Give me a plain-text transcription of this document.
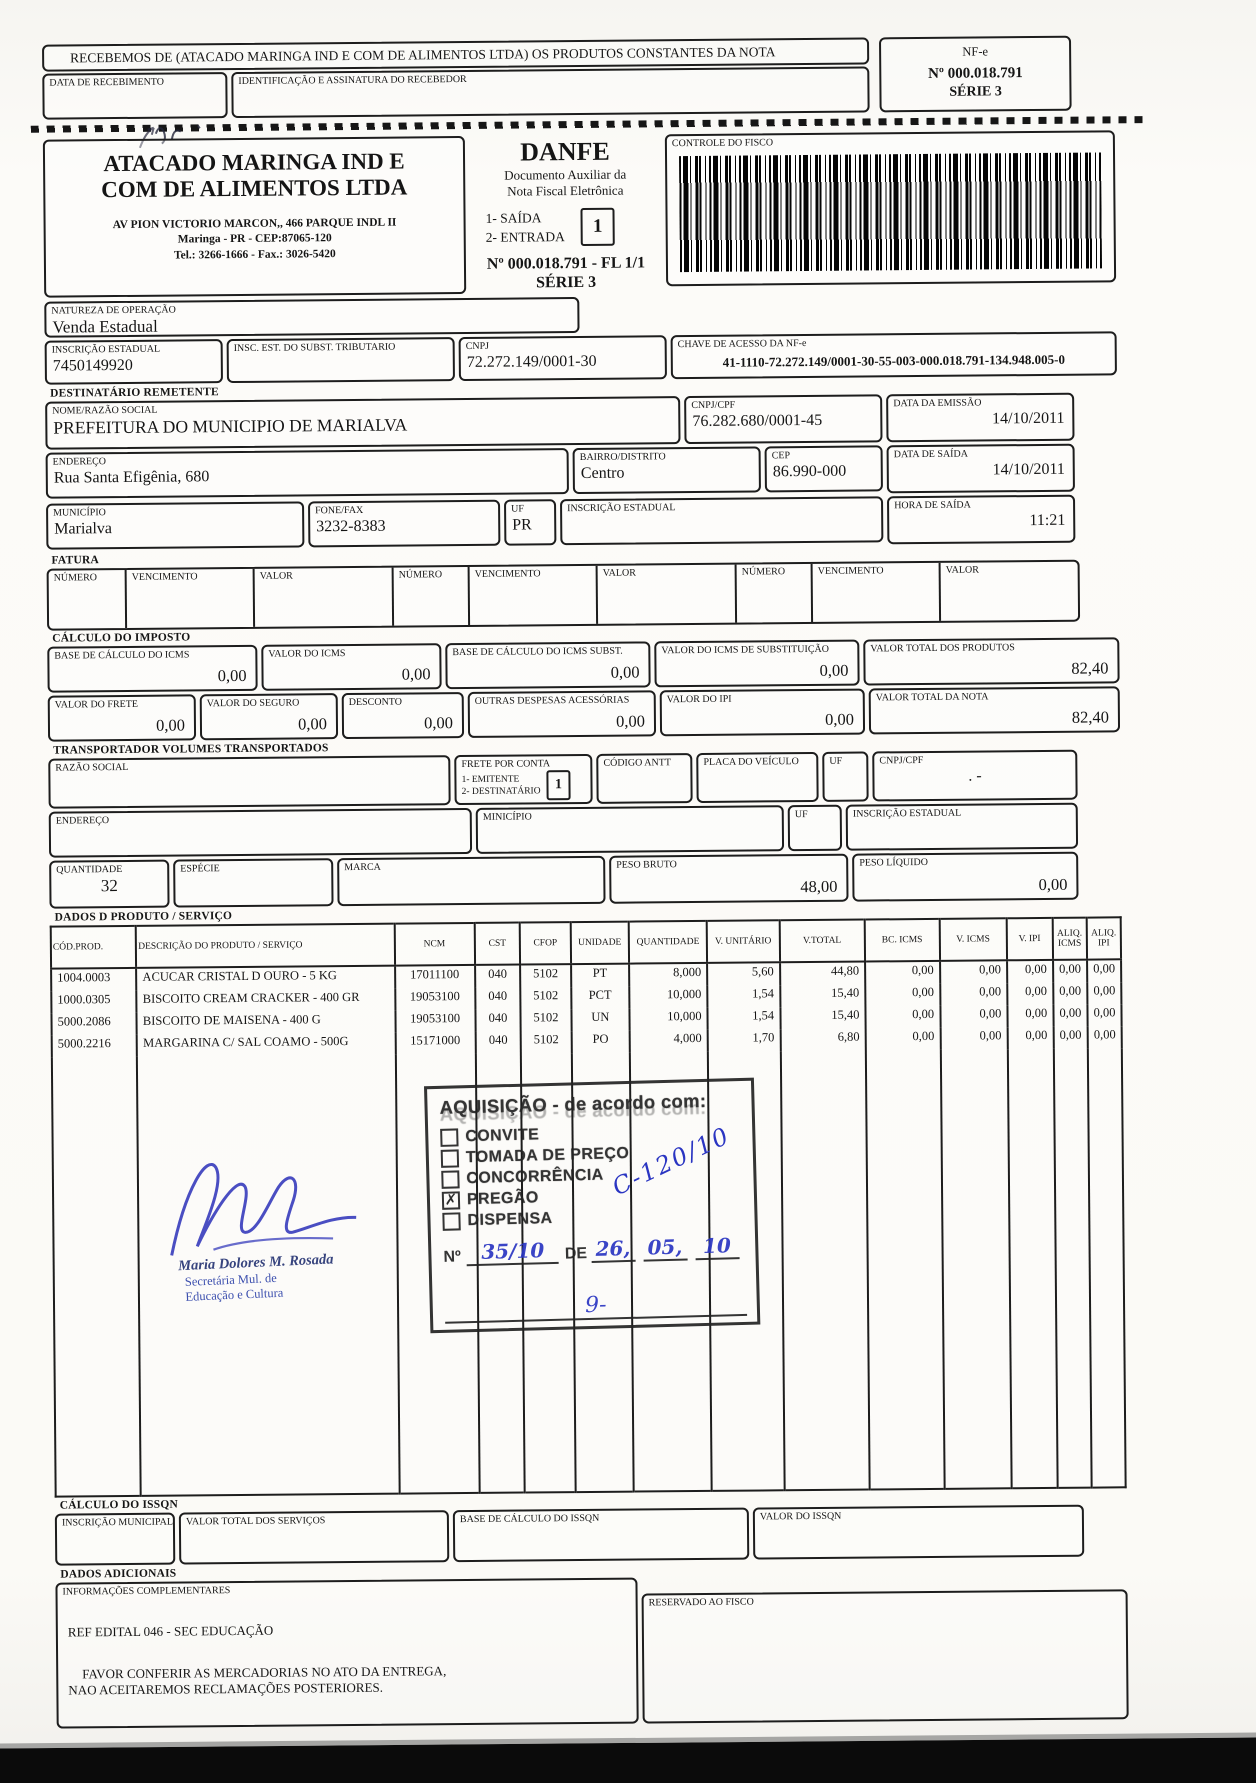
RECEBEMOS DE (ATACADO MARINGA IND E COM DE ALIMENTOS LTDA) OS PRODUTOS CONSTANTES DA NOTA
DATA DE RECEBIMENTO	IDENTIFICAÇÃO E ASSINATURA DO RECEBEDOR
NF-e
Nº 000.018.791
SÉRIE 3
ATACADO MARINGA IND E
COM DE ALIMENTOS LTDA
AV PION VICTORIO MARCON,, 466 PARQUE INDL II
Maringa - PR - CEP:87065-120
Tel.: 3266-1666 - Fax.: 3026-5420
DANFE
Documento Auxiliar da
Nota Fiscal Eletrônica
1- SAÍDA
2- ENTRADA
1
Nº 000.018.791 - FL 1/1
SÉRIE 3
CONTROLE DO FISCO
NATUREZA DE OPERAÇÃO
Venda Estadual
INSCRIÇÃO ESTADUAL
7450149920
INSC. EST. DO SUBST. TRIBUTARIO	CNPJ
72.272.149/0001-30
CHAVE DE ACESSO DA NF-e
41-1110-72.272.149/0001-30-55-003-000.018.791-134.948.005-0
DESTINATÁRIO REMETENTE
NOME/RAZÃO SOCIAL
PREFEITURA DO MUNICIPIO DE MARIALVA
CNPJ/CPF
76.282.680/0001-45
DATA DA EMISSÃO
14/10/2011
ENDEREÇO
Rua Santa Efigênia, 680
BAIRRO/DISTRITO
Centro
CEP
86.990-000
DATA DE SAÍDA
14/10/2011
MUNICÍPIO
Marialva
FONE/FAX
3232-8383
UF
PR
INSCRIÇÃO ESTADUAL	HORA DE SAÍDA
11:21
FATURA
NÚMERO	VENCIMENTO	VALOR	NÚMERO	VENCIMENTO	VALOR	NÚMERO	VENCIMENTO	VALOR
CÁLCULO DO IMPOSTO
BASE DE CÁLCULO DO ICMS
0,00
VALOR DO ICMS
0,00
BASE DE CÁLCULO DO ICMS SUBST.
0,00
VALOR DO ICMS DE SUBSTITUIÇÃO
0,00
VALOR TOTAL DOS PRODUTOS
82,40
VALOR DO FRETE
0,00
VALOR DO SEGURO
0,00
DESCONTO
0,00
OUTRAS DESPESAS ACESSÓRIAS
0,00
VALOR DO IPI
0,00
VALOR TOTAL DA NOTA
82,40
TRANSPORTADOR VOLUMES TRANSPORTADOS
RAZÃO SOCIAL	FRETE POR CONTA
1- EMITENTE
2- DESTINATÁRIO	1
CÓDIGO ANTT	PLACA DO VEÍCULO	UF	CNPJ/CPF
. -
ENDEREÇO	MINICÍPIO	UF	INSCRIÇÃO ESTADUAL
QUANTIDADE
32
ESPÉCIE	MARCA	PESO BRUTO
48,00
PESO LÍQUIDO
0,00
DADOS D PRODUTO / SERVIÇO
CÓD.PROD.	DESCRIÇÃO DO PRODUTO / SERVIÇO	NCM	CST	CFOP	UNIDADE	QUANTIDADE	V. UNITÁRIO	V.TOTAL	BC. ICMS	V. ICMS	V. IPI	ALIQ.
ICMS	ALIQ.
IPI
1004.0003	ACUCAR CRISTAL D OURO - 5 KG	17011100	040	5102	PT	8,000	5,60	44,80	0,00	0,00	0,00	0,00	0,00
1000.0305	BISCOITO CREAM CRACKER - 400 GR	19053100	040	5102	PCT	10,000	1,54	15,40	0,00	0,00	0,00	0,00	0,00
5000.2086	BISCOITO DE MAISENA - 400 G	19053100	040	5102	UN	10,000	1,54	15,40	0,00	0,00	0,00	0,00	0,00
5000.2216	MARGARINA C/ SAL COAMO - 500G	15171000	040	5102	PO	4,000	1,70	6,80	0,00	0,00	0,00	0,00	0,00

CÁLCULO DO ISSQN
INSCRIÇÃO MUNICIPAL	VALOR TOTAL DOS SERVIÇOS	BASE DE CÁLCULO DO ISSQN	VALOR DO ISSQN
DADOS ADICIONAIS
INFORMAÇÕES COMPLEMENTARES
REF EDITAL 046 - SEC EDUCAÇÃO
FAVOR CONFERIR AS MERCADORIAS NO ATO DA ENTREGA,
NAO ACEITAREMOS RECLAMAÇÕES POSTERIORES.
RESERVADO AO FISCO
AQUISIÇÃO - de acordo com:
CONVITE
TOMADA DE PREÇO
CONCORRÊNCIA
✗ PREGÃO
DISPENSA
Nº 35/10	DE 26, 05,	10
9-
C-120/10
Maria Dolores M. Rosada
Secretária Mul. de
Educação e Cultura
